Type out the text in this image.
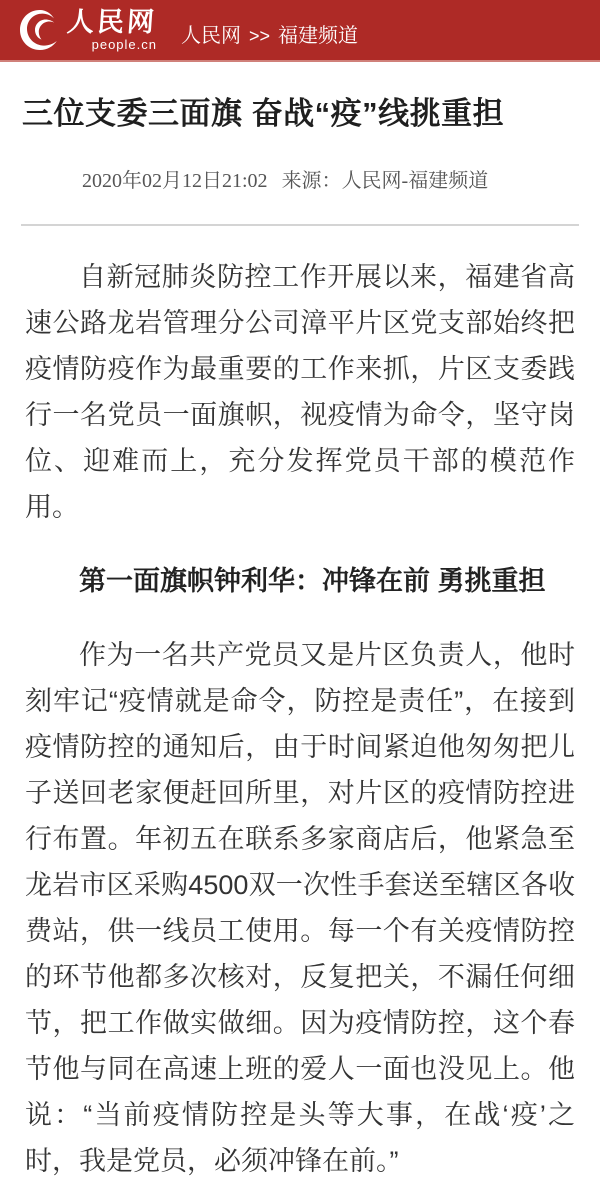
人民网
people.cn 人民网 >> 福建频道
三位支委三面旗 奋战“疫”线挑重担
2020年02月12日21:02 来源：人民网-福建频道

自新冠肺炎防控工作开展以来，福建省高速公路龙岩管理分公司漳平片区党支部始终把疫情防疫作为最重要的工作来抓，片区支委践行一名党员一面旗帜，视疫情为命令，坚守岗位、迎难而上，充分发挥党员干部的模范作用。

第一面旗帜钟利华：冲锋在前 勇挑重担

作为一名共产党员又是片区负责人，他时刻牢记“疫情就是命令，防控是责任”，在接到疫情防控的通知后，由于时间紧迫他匆匆把儿子送回老家便赶回所里，对片区的疫情防控进行布置。年初五在联系多家商店后，他紧急至龙岩市区采购4500双一次性手套送至辖区各收费站，供一线员工使用。每一个有关疫情防控的环节他都多次核对，反复把关，不漏任何细节，把工作做实做细。因为疫情防控，这个春节他与同在高速上班的爱人一面也没见上。他说：“当前疫情防控是头等大事，在战‘疫’之时，我是党员，必须冲锋在前。”
